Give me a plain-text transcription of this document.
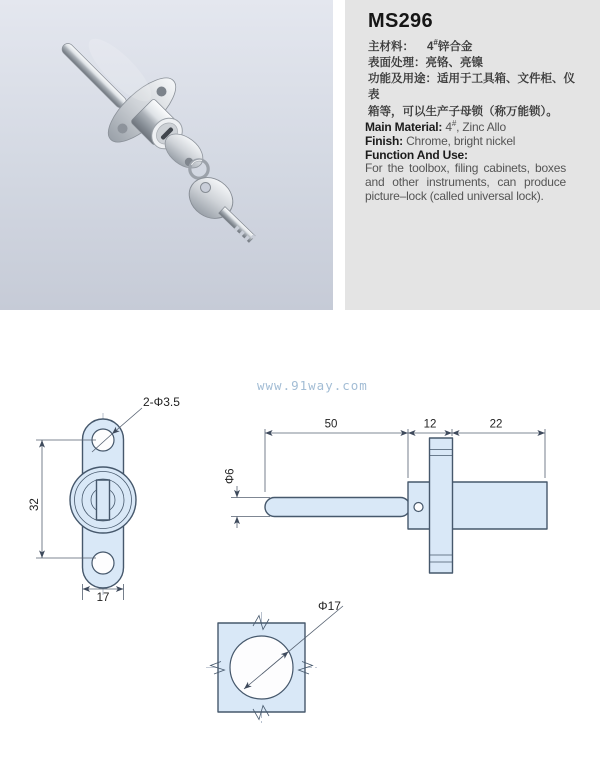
MS296
主材料： 4#锌合金
表面处理：亮铬、亮镍
功能及用途：适用于工具箱、文件柜、仪表
箱等，可以生产子母锁（称万能锁）。
Main Material: 4#, Zinc Allo
Finish: Chrome, bright nickel
Function And Use:
For the toolbox, filing cabinets, boxes
and other instruments, can produce
picture–lock (called universal lock).
www.91way.com
32
17
2-Φ3.5
50	12	22
Φ6
Φ17
